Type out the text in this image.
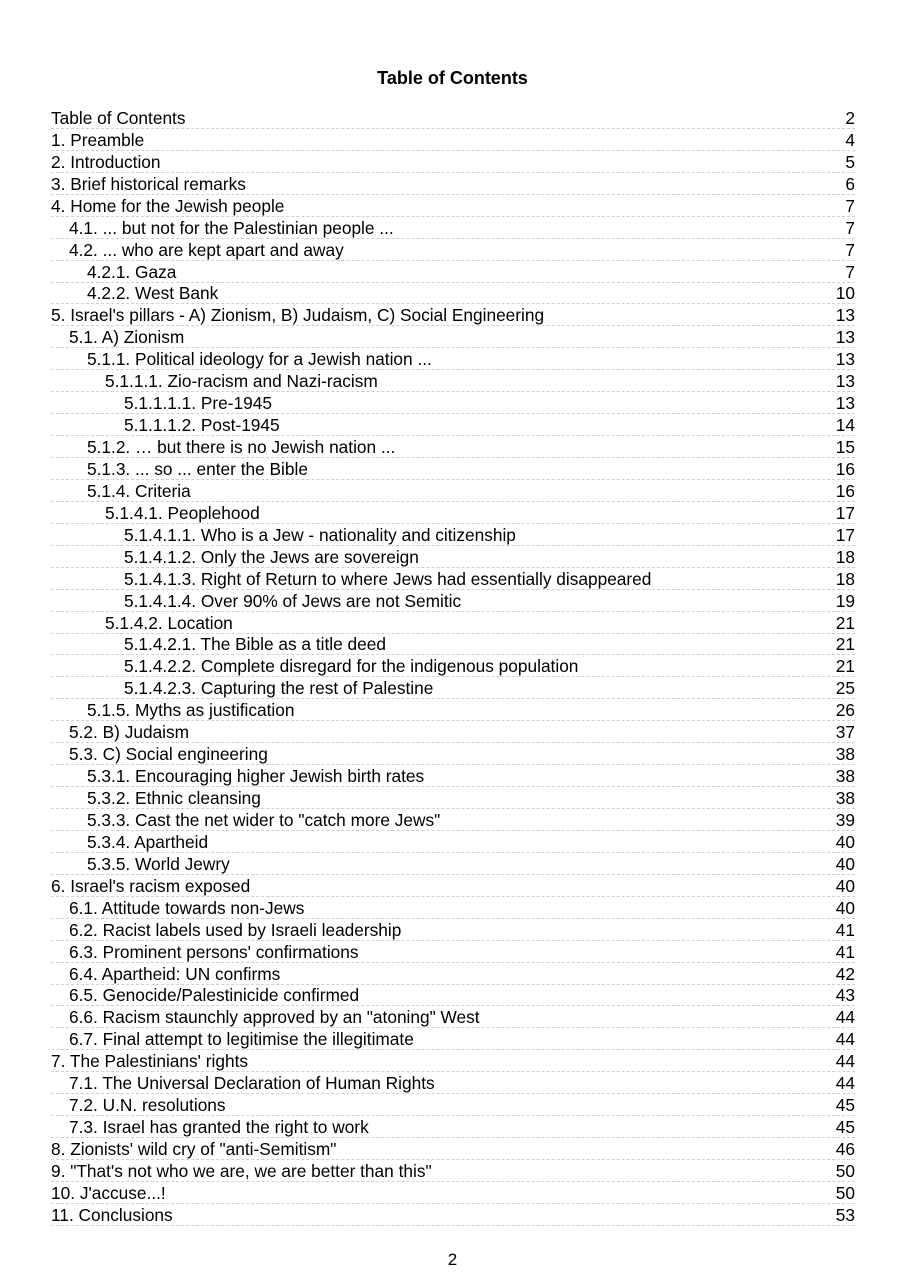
Table of Contents
Table of Contents	2
1. Preamble	4
2. Introduction	5
3. Brief historical remarks	6
4. Home for the Jewish people	7
4.1. ... but not for the Palestinian people ...	7
4.2. ... who are kept apart and away	7
4.2.1. Gaza	7
4.2.2. West Bank	10
5. Israel's pillars - A) Zionism, B) Judaism, C) Social Engineering	13
5.1. A) Zionism	13
5.1.1. Political ideology for a Jewish nation ...	13
5.1.1.1. Zio-racism and Nazi-racism	13
5.1.1.1.1. Pre-1945	13
5.1.1.1.2. Post-1945	14
5.1.2. … but there is no Jewish nation ...	15
5.1.3. ... so ... enter the Bible	16
5.1.4. Criteria	16
5.1.4.1. Peoplehood	17
5.1.4.1.1. Who is a Jew - nationality and citizenship	17
5.1.4.1.2. Only the Jews are sovereign	18
5.1.4.1.3. Right of Return to where Jews had essentially disappeared	18
5.1.4.1.4. Over 90% of Jews are not Semitic	19
5.1.4.2. Location	21
5.1.4.2.1. The Bible as a title deed	21
5.1.4.2.2. Complete disregard for the indigenous population	21
5.1.4.2.3. Capturing the rest of Palestine	25
5.1.5. Myths as justification	26
5.2. B) Judaism	37
5.3. C) Social engineering	38
5.3.1. Encouraging higher Jewish birth rates	38
5.3.2. Ethnic cleansing	38
5.3.3. Cast the net wider to "catch more Jews"	39
5.3.4. Apartheid	40
5.3.5. World Jewry	40
6. Israel's racism exposed	40
6.1. Attitude towards non-Jews	40
6.2. Racist labels used by Israeli leadership	41
6.3. Prominent persons' confirmations	41
6.4. Apartheid: UN confirms	42
6.5. Genocide/Palestinicide confirmed	43
6.6. Racism staunchly approved by an "atoning" West	44
6.7. Final attempt to legitimise the illegitimate	44
7. The Palestinians' rights	44
7.1. The Universal Declaration of Human Rights	44
7.2. U.N. resolutions	45
7.3. Israel has granted the right to work	45
8. Zionists' wild cry of "anti-Semitism"	46
9. "That's not who we are, we are better than this"	50
10. J'accuse...!	50
11. Conclusions	53
2
